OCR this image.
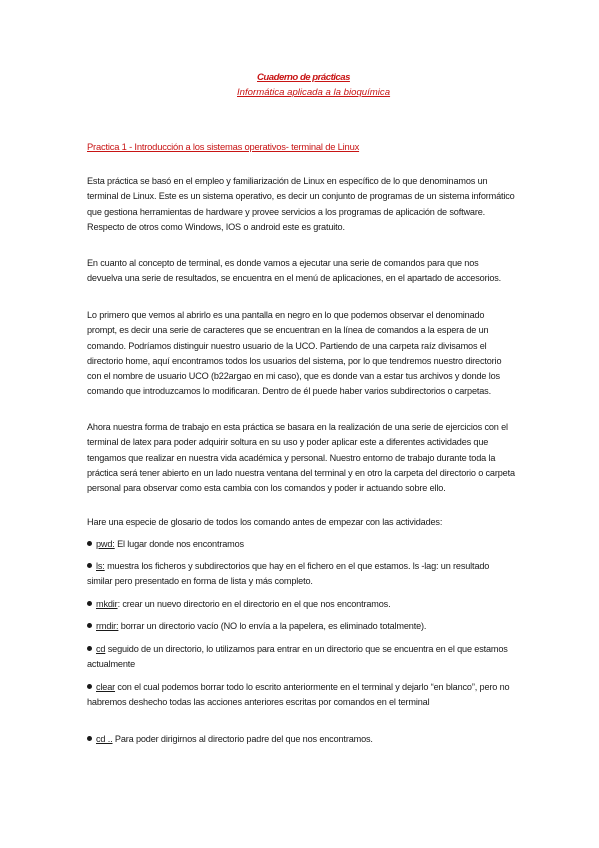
Cuaderno de prácticas
Informática aplicada a la bioquímica
Practica 1 - Introducción a los sistemas operativos- terminal de Linux

Esta práctica se basó en el empleo y familiarización de Linux en específico de lo que denominamos un terminal de Linux. Este es un sistema operativo, es decir un conjunto de programas de un sistema informático que gestiona herramientas de hardware y provee servicios a los programas de aplicación de software. Respecto de otros como Windows, IOS o android este es gratuito.

En cuanto al concepto de terminal, es donde vamos a ejecutar una serie de comandos para que nos devuelva una serie de resultados, se encuentra en el menú de aplicaciones, en el apartado de accesorios.

Lo primero que vemos al abrirlo es una pantalla en negro en lo que podemos observar el denominado prompt, es decir una serie de caracteres que se encuentran en la línea de comandos a la espera de un comando. Podríamos distinguir nuestro usuario de la UCO. Partiendo de una carpeta raíz divisamos el directorio home, aquí encontramos todos los usuarios del sistema, por lo que tendremos nuestro directorio con el nombre de usuario UCO (b22argao en mi caso), que es donde van a estar tus archivos y donde los comando que introduzcamos lo modificaran. Dentro de él puede haber varios subdirectorios o carpetas.

Ahora nuestra forma de trabajo en esta práctica se basara en la realización de una serie de ejercicios con el terminal de latex para poder adquirir soltura en su uso y poder aplicar este a diferentes actividades que tengamos que realizar en nuestra vida académica y personal. Nuestro entorno de trabajo durante toda la práctica será tener abierto en un lado nuestra ventana del terminal y en otro la carpeta del directorio o carpeta personal para observar como esta cambia con los comandos y poder ir actuando sobre ello.

Hare una especie de glosario de todos los comando antes de empezar con las actividades:

pwd: El lugar donde nos encontramos

ls: muestra los ficheros y subdirectorios que hay en el fichero en el que estamos. ls -lag: un resultado similar pero presentado en forma de lista y más completo.

mkdir: crear un nuevo directorio en el directorio en el que nos encontramos.

rmdir: borrar un directorio vacío (NO lo envía a la papelera, es eliminado totalmente).

cd seguido de un directorio, lo utilizamos para entrar en un directorio que se encuentra en el que estamos actualmente

clear con el cual podemos borrar todo lo escrito anteriormente en el terminal y dejarlo “en blanco”, pero no habremos deshecho todas las acciones anteriores escritas por comandos en el terminal

cd .. Para poder dirigirnos al directorio padre del que nos encontramos.
